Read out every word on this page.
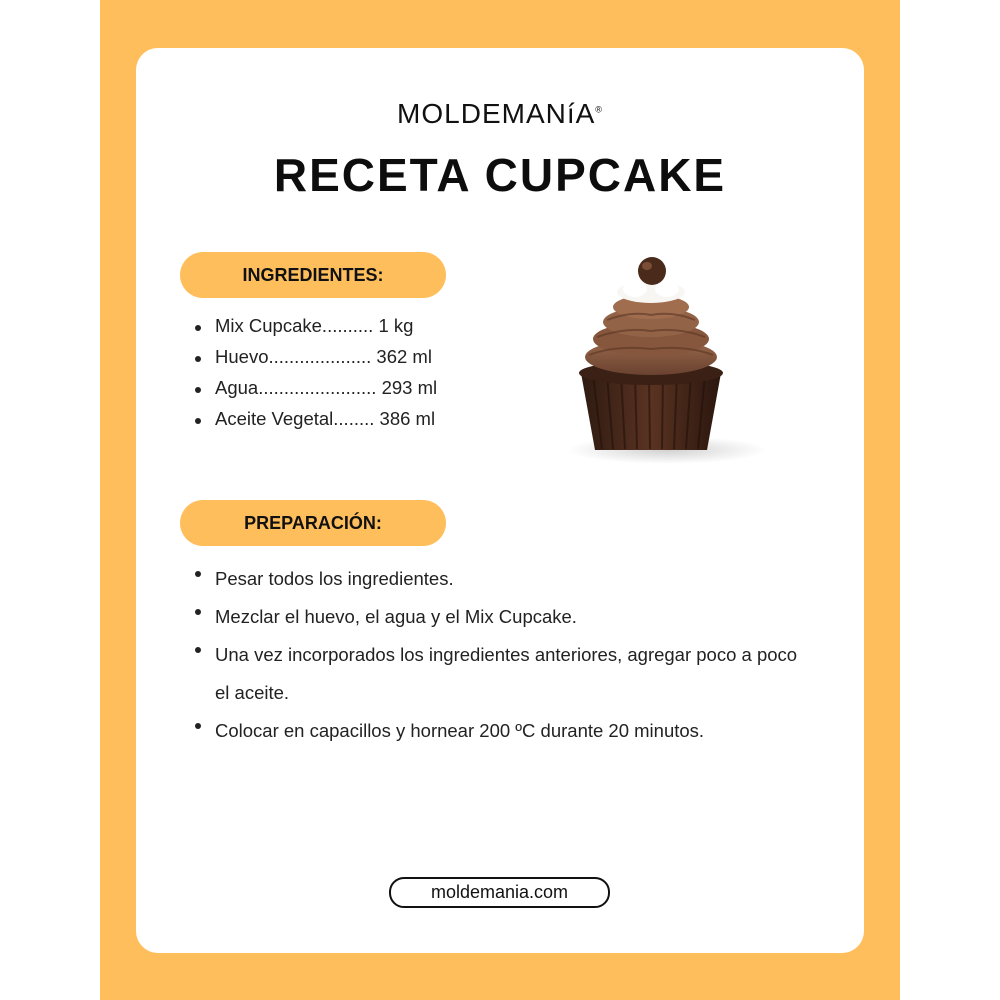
MOLDEMANíA®
RECETA CUPCAKE
INGREDIENTES:
Mix Cupcake.......... 1 kg
Huevo.................... 362 ml
Agua....................... 293 ml
Aceite Vegetal........ 386 ml
PREPARACIÓN:
Pesar todos los ingredientes.
Mezclar el huevo, el agua y el Mix Cupcake.
Una vez incorporados los ingredientes anteriores, agregar poco a poco el aceite.
Colocar en capacillos y hornear 200 ºC durante 20 minutos.
moldemania.com
